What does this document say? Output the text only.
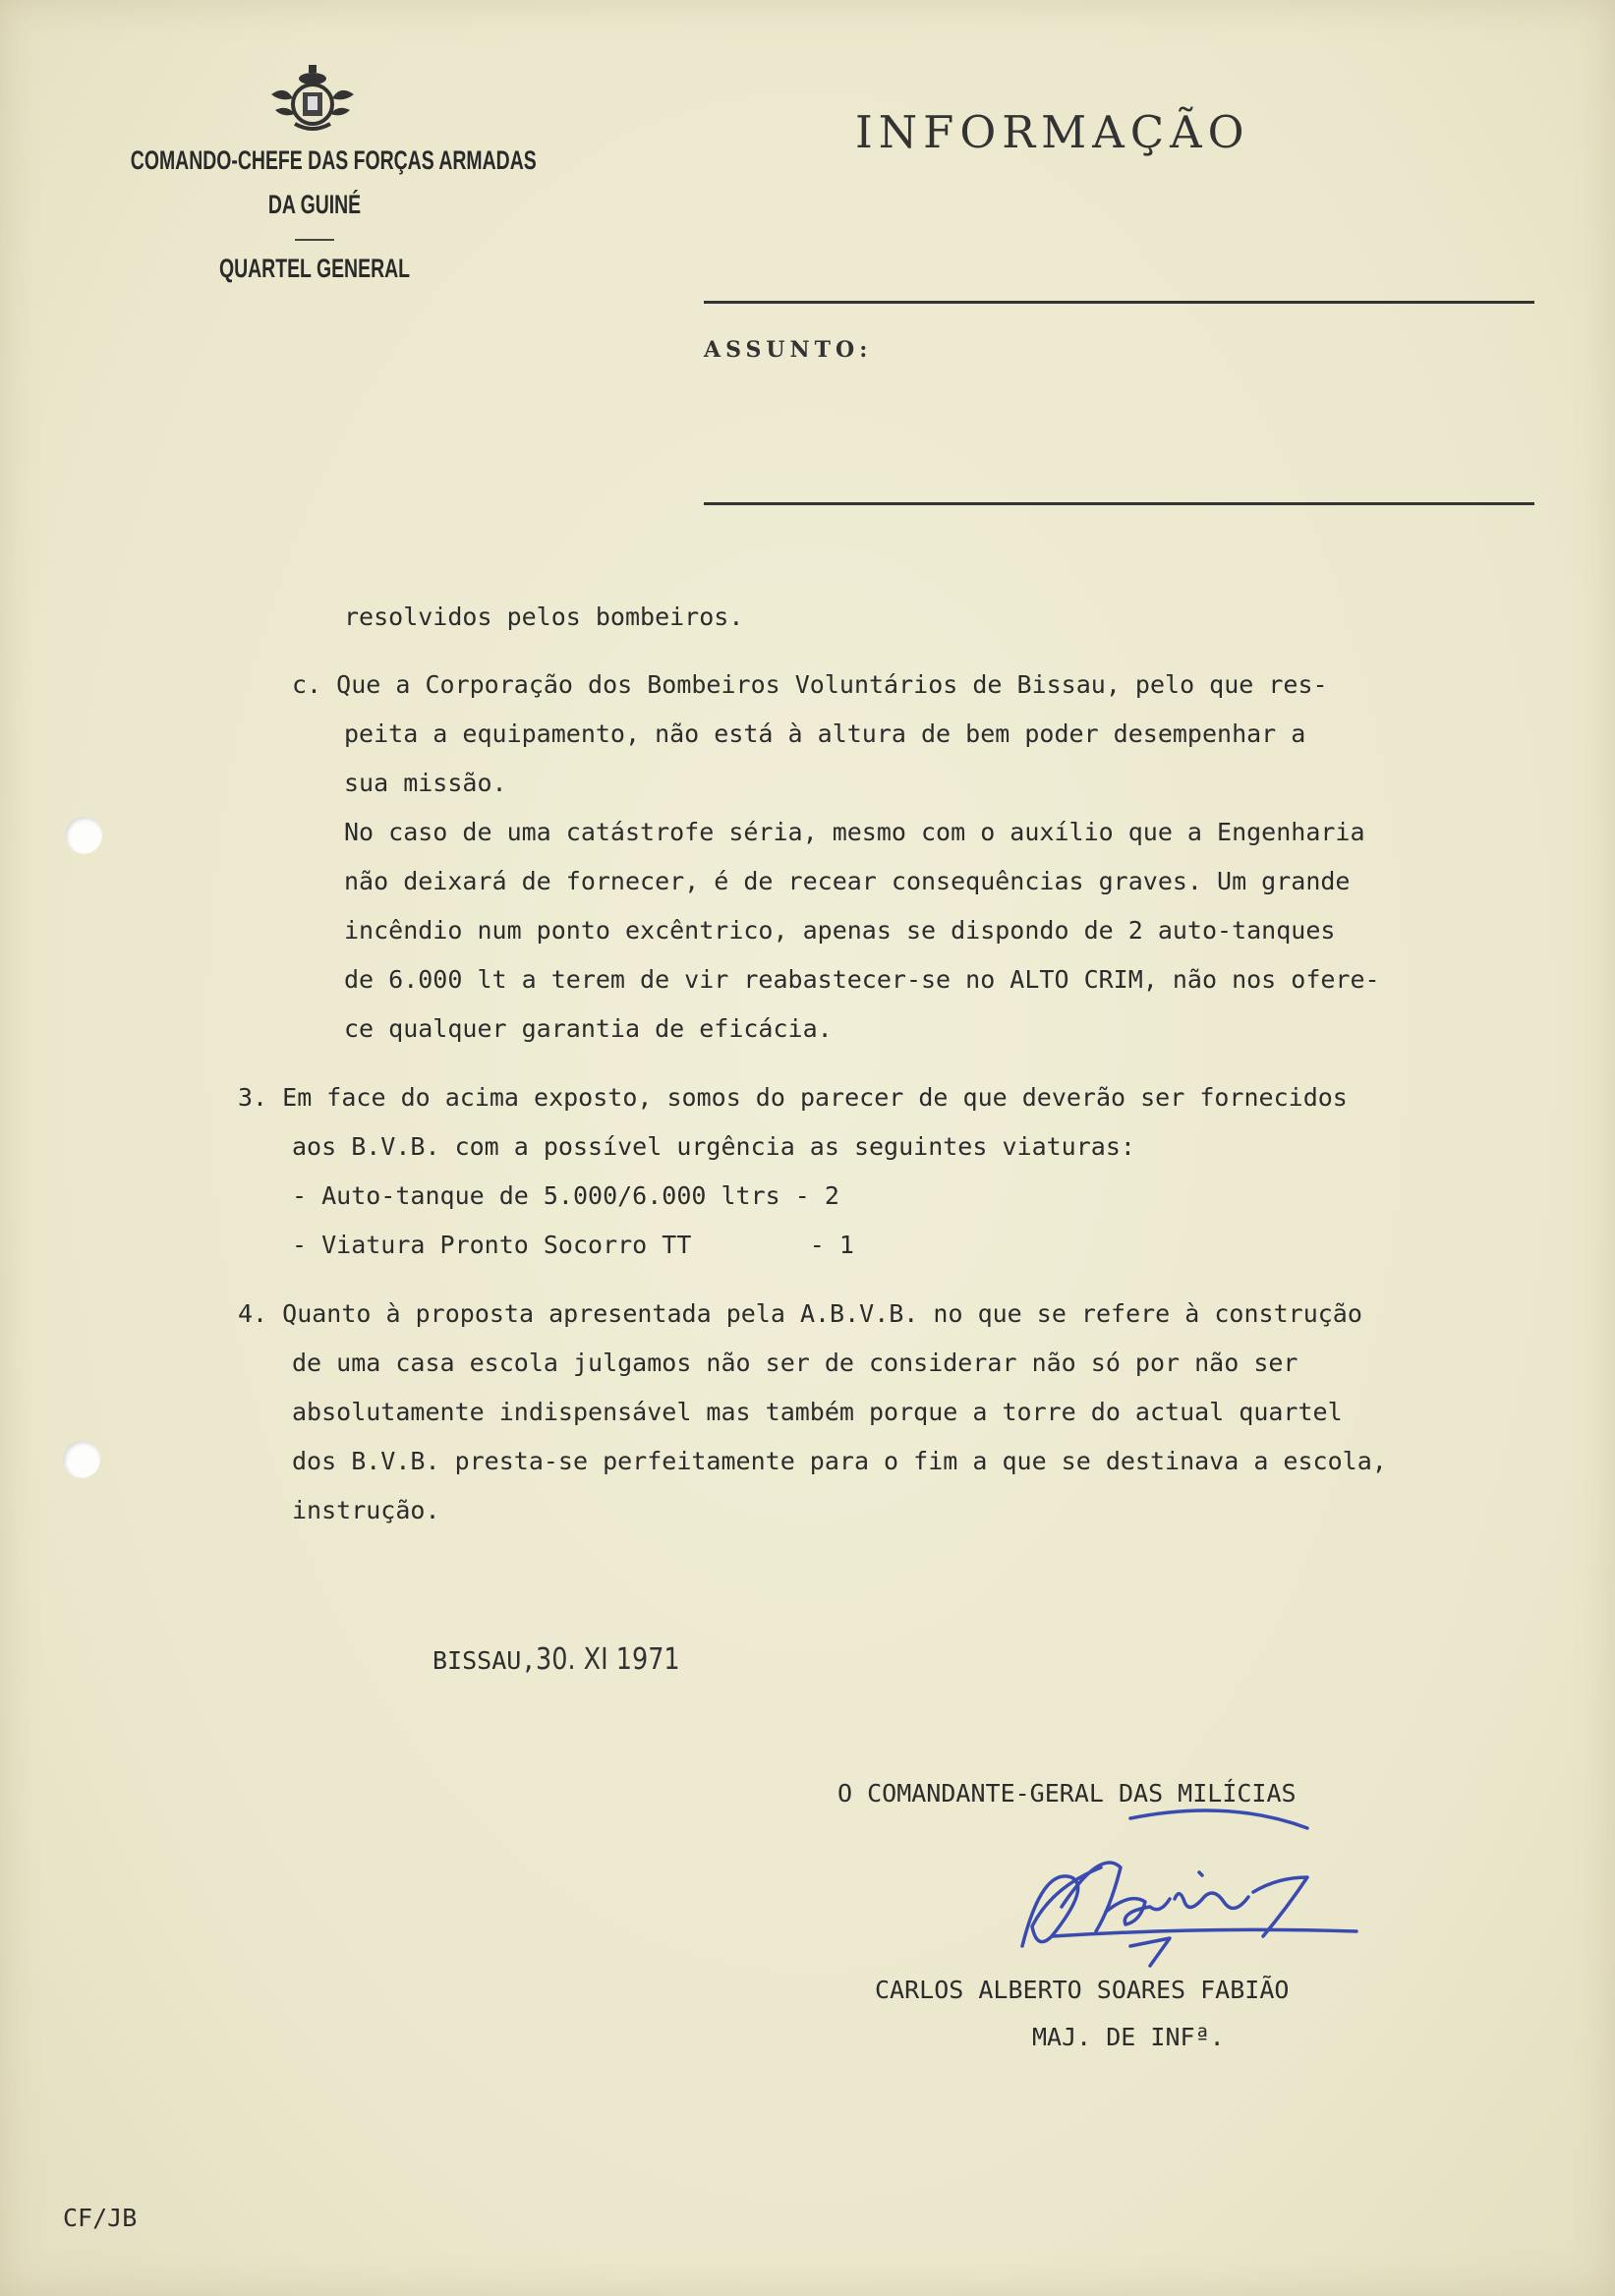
COMANDO-CHEFE DAS FORÇAS ARMADAS
DA GUINÉ
QUARTEL GENERAL
INFORMAÇÃO
ASSUNTO:
resolvidos pelos bombeiros.
c. Que a Corporação dos Bombeiros Voluntários de Bissau, pelo que res-
peita a equipamento, não está à altura de bem poder desempenhar a
sua missão.
No caso de uma catástrofe séria, mesmo com o auxílio que a Engenharia
não deixará de fornecer, é de recear consequências graves. Um grande
incêndio num ponto excêntrico, apenas se dispondo de 2 auto-tanques
de 6.000 lt a terem de vir reabastecer-se no ALTO CRIM, não nos ofere-
ce qualquer garantia de eficácia.
3. Em face do acima exposto, somos do parecer de que deverão ser fornecidos
aos B.V.B. com a possível urgência as seguintes viaturas:
- Auto-tanque de 5.000/6.000 ltrs - 2
- Viatura Pronto Socorro TT        - 1
4. Quanto à proposta apresentada pela A.B.V.B. no que se refere à construção
de uma casa escola julgamos não ser de considerar não só por não ser
absolutamente indispensável mas também porque a torre do actual quartel
dos B.V.B. presta-se perfeitamente para o fim a que se destinava a escola,
instrução.
BISSAU,30. XI 1971
O COMANDANTE-GERAL DAS MILÍCIAS
CARLOS ALBERTO SOARES FABIÃO
MAJ. DE INFª.
CF/JB
